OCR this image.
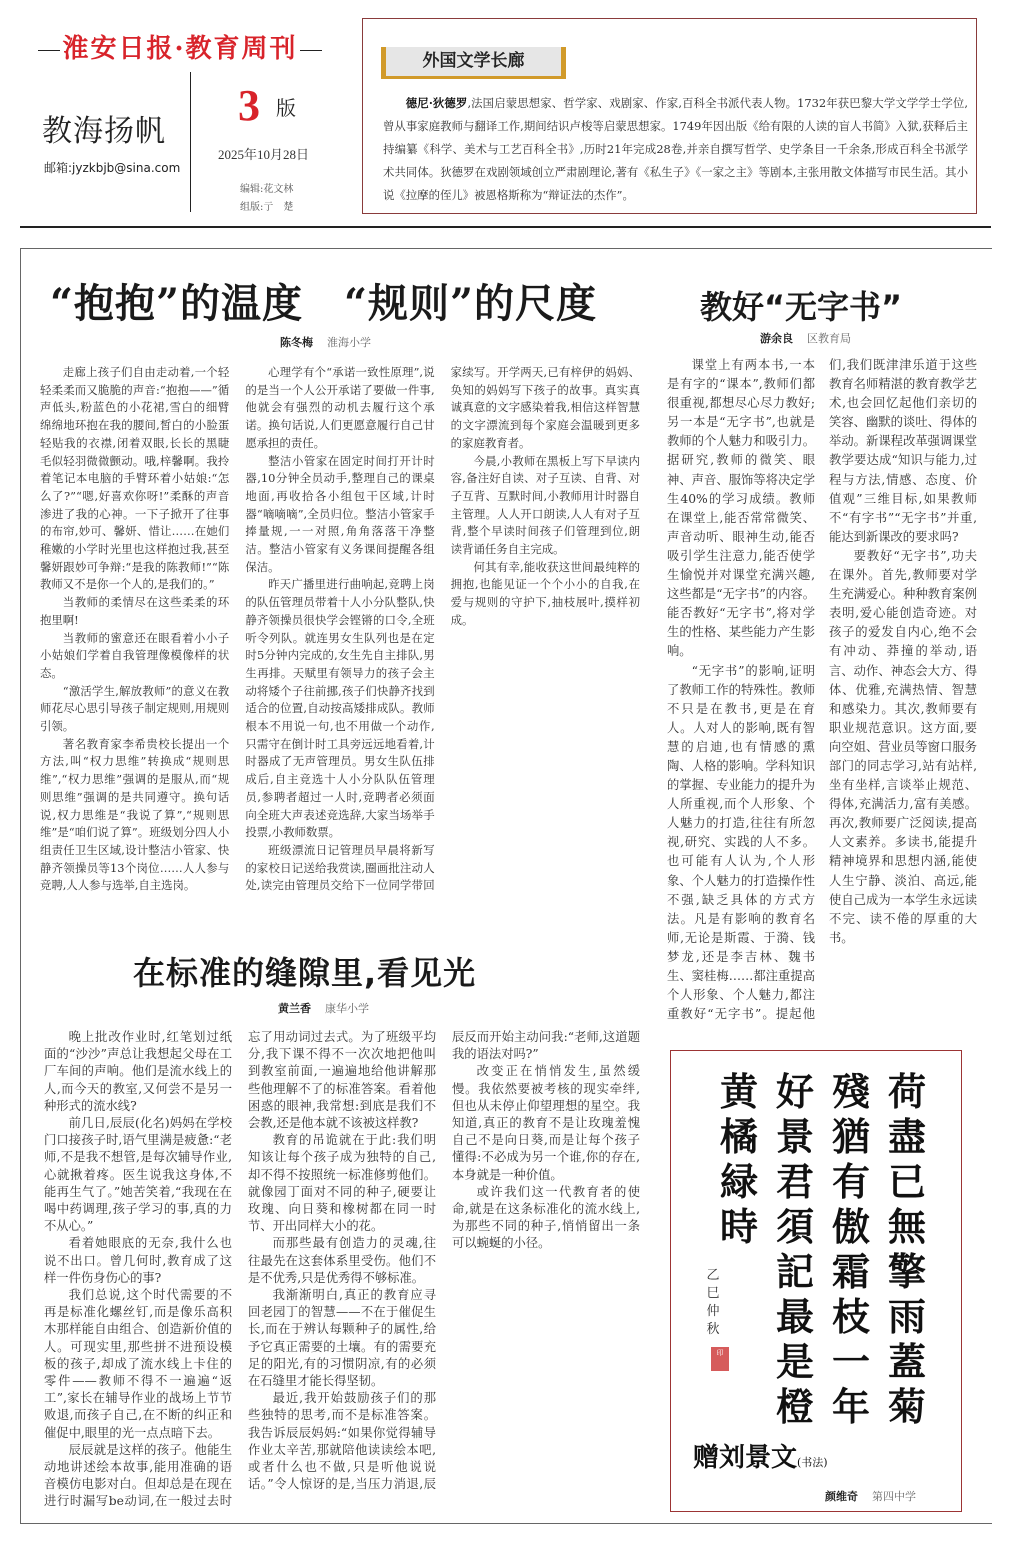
淮安日报·教育周刊
教海扬帆
邮箱:jyzkbjb@sina.com
3 版
2025年10月28日
编辑:花文林
组版:亍　楚
外国文学长廊
德尼·狄德罗,法国启蒙思想家、哲学家、戏剧家、作家,百科全书派代表人物。1732年获巴黎大学文学学士学位,曾从事家庭教师与翻译工作,期间结识卢梭等启蒙思想家。1749年因出版《给有限的人读的盲人书简》入狱,获释后主持编纂《科学、美术与工艺百科全书》,历时21年完成28卷,并亲自撰写哲学、史学条目一千余条,形成百科全书派学术共同体。狄德罗在戏剧领域创立严肃剧理论,著有《私生子》《一家之主》等剧本,主张用散文体描写市民生活。其小说《拉摩的侄儿》被恩格斯称为“辩证法的杰作”。
“抱抱”的温度　“规则”的尺度
陈冬梅 淮海小学

走廊上孩子们自由走动着,一个轻轻柔柔而又脆脆的声音:“抱抱——”循声低头,粉蓝色的小花裙,雪白的细臂绵绵地环抱在我的腰间,皙白的小脸蛋轻贴我的衣襟,闭着双眼,长长的黑睫毛似轻羽微微颤动。哦,梓馨啊。我拎着笔记本电脑的手臂环着小姑娘:“怎么了?”“嗯,好喜欢你呀!”柔酥的声音渗进了我的心神。一下子掀开了往事的布帘,妙可、馨妍、惜让……在她们稚嫩的小学时光里也这样抱过我,甚至馨妍跟妙可争辩:“是我的陈教师!”“陈教师又不是你一个人的,是我们的。”

当教师的柔情尽在这些柔柔的环抱里啊!

当教师的蜜意还在眼看着小小子小姑娘们学着自我管理像模像样的状态。

“激活学生,解放教师”的意义在教师花尽心思引导孩子制定规则,用规则引领。

著名教育家李希贵校长提出一个方法,叫“权力思维”转换成“规则思维”,“权力思维”强调的是服从,而“规则思维”强调的是共同遵守。换句话说,权力思维是“我说了算”,“规则思维”是“咱们说了算”。班级划分四人小组责任卫生区域,设计整洁小管家、快静齐领操员等13个岗位……人人参与竞聘,人人参与选举,自主选岗。

心理学有个“承诺一致性原理”,说的是当一个人公开承诺了要做一件事,他就会有强烈的动机去履行这个承诺。换句话说,人们更愿意履行自己甘愿承担的责任。

整洁小管家在固定时间打开计时器,10分钟全员动手,整理自己的课桌地面,再收拾各小组包干区域,计时器“嘀嘀嘀”,全员归位。整洁小管家手捧量规,一一对照,角角落落干净整洁。整洁小管家有义务课间提醒各组保洁。

昨天广播里进行曲响起,竞聘上岗的队伍管理员带着十人小分队整队,快静齐领操员很快学会铿锵的口令,全班听令列队。就连男女生队列也是在定时5分钟内完成的,女生先自主排队,男生再排。天赋里有领导力的孩子会主动将矮个子往前挪,孩子们快静齐找到适合的位置,自动按高矮排成队。教师根本不用说一句,也不用做一个动作,只需守在倒计时工具旁远远地看着,计时器成了无声管理员。男女生队伍排成后,自主竞选十人小分队队伍管理员,参聘者超过一人时,竞聘者必须面向全班大声表述竞选辞,大家当场举手投票,小教师数票。

班级漂流日记管理员早晨将新写的家校日记送给我赏读,圈画批注动人处,读完由管理员交给下一位同学带回家续写。开学两天,已有梓伊的妈妈、奂知的妈妈写下孩子的故事。真实真诚真意的文字感染着我,相信这样智慧的文字漂流到每个家庭会温暖到更多的家庭教育者。

今晨,小教师在黑板上写下早读内容,备注好自读、对子互读、自背、对子互背、互默时间,小教师用计时器自主管理。人人开口朗读,人人有对子互背,整个早读时间孩子们管理到位,朗读背诵任务自主完成。

何其有幸,能收获这世间最纯粹的拥抱,也能见证一个个小小的自我,在爱与规则的守护下,抽枝展叶,摸样初成。

教好“无字书”
游余良 区教育局

课堂上有两本书,一本是有字的“课本”,教师们都很重视,都想尽心尽力教好;另一本是“无字书”,也就是教师的个人魅力和吸引力。据研究,教师的微笑、眼神、声音、服饰等将决定学生40%的学习成绩。教师在课堂上,能否常常微笑、声音动听、眼神生动,能否吸引学生注意力,能否使学生愉悦并对课堂充满兴趣,这些都是“无字书”的内容。能否教好“无字书”,将对学生的性格、某些能力产生影响。

“无字书”的影响,证明了教师工作的特殊性。教师不只是在教书,更是在育人。人对人的影响,既有智慧的启迪,也有情感的熏陶、人格的影响。学科知识的掌握、专业能力的提升为人所重视,而个人形象、个人魅力的打造,往往有所忽视,研究、实践的人不多。也可能有人认为,个人形象、个人魅力的打造操作性不强,缺乏具体的方式方法。凡是有影响的教育名师,无论是斯霞、于漪、钱梦龙,还是李吉林、魏书生、窦桂梅……都注重提高个人形象、个人魅力,都注重教好“无字书”。提起他们,我们既津津乐道于这些教育名师精湛的教育教学艺术,也会回忆起他们亲切的笑容、幽默的谈吐、得体的举动。新课程改革强调课堂教学要达成“知识与能力,过程与方法,情感、态度、价值观”三维目标,如果教师不“有字书”“无字书”并重,能达到新课改的要求吗?

要教好“无字书”,功夫在课外。首先,教师要对学生充满爱心。种种教育案例表明,爱心能创造奇迹。对孩子的爱发自内心,绝不会有冲动、莽撞的举动,语言、动作、神态会大方、得体、优雅,充满热情、智慧和感染力。其次,教师要有职业规范意识。这方面,要向空姐、营业员等窗口服务部门的同志学习,站有站样,坐有坐样,言谈举止规范、得体,充满活力,富有美感。再次,教师要广泛阅读,提高人文素养。多读书,能提升精神境界和思想内涵,能使人生宁静、淡泊、高远,能使自己成为一本学生永远读不完、读不倦的厚重的大书。

在标准的缝隙里,看见光
黄兰香 康华小学

晚上批改作业时,红笔划过纸面的“沙沙”声总让我想起父母在工厂车间的声响。他们是流水线上的人,而今天的教室,又何尝不是另一种形式的流水线?

前几日,辰辰(化名)妈妈在学校门口接孩子时,语气里满是疲惫:“老师,不是我不想管,是每次辅导作业,心就揪着疼。医生说我这身体,不能再生气了。”她苦笑着,“我现在在喝中药调理,孩子学习的事,真的力不从心。”

看着她眼底的无奈,我什么也说不出口。曾几何时,教育成了这样一件伤身伤心的事?

我们总说,这个时代需要的不再是标准化螺丝钉,而是像乐高积木那样能自由组合、创造新价值的人。可现实里,那些拼不进预设模板的孩子,却成了流水线上卡住的零件——教师不得不一遍遍“返工”,家长在辅导作业的战场上节节败退,而孩子自己,在不断的纠正和催促中,眼里的光一点点暗下去。

辰辰就是这样的孩子。他能生动地讲述绘本故事,能用准确的语音模仿电影对白。但却总是在现在进行时漏写be动词,在一般过去时忘了用动词过去式。为了班级平均分,我下课不得不一次次地把他叫到教室前面,一遍遍地给他讲解那些他理解不了的标准答案。看着他困惑的眼神,我常想:到底是我们不会教,还是他本就不该被这样教?

教育的吊诡就在于此:我们明知该让每个孩子成为独特的自己,却不得不按照统一标准修剪他们。就像园丁面对不同的种子,硬要让玫瑰、向日葵和橡树都在同一时节、开出同样大小的花。

而那些最有创造力的灵魂,往往最先在这套体系里受伤。他们不是不优秀,只是优秀得不够标准。

我渐渐明白,真正的教育应寻回老园丁的智慧——不在于催促生长,而在于辨认每颗种子的属性,给予它真正需要的土壤。有的需要充足的阳光,有的习惯阴凉,有的必须在石缝里才能长得坚韧。

最近,我开始鼓励孩子们的那些独特的思考,而不是标准答案。我告诉辰辰妈妈:“如果你觉得辅导作业太辛苦,那就陪他读读绘本吧,或者什么也不做,只是听他说说话。”令人惊讶的是,当压力消退,辰辰反而开始主动问我:“老师,这道题我的语法对吗?”

改变正在悄悄发生,虽然缓慢。我依然要被考核的现实牵绊,但也从未停止仰望理想的星空。我知道,真正的教育不是让玫瑰羞愧自己不是向日葵,而是让每个孩子懂得:不必成为另一个谁,你的存在,本身就是一种价值。

或许我们这一代教育者的使命,就是在这条标准化的流水线上,为那些不同的种子,悄悄留出一条可以蜿蜒的小径。

荷
盡
已
無
擎
雨
蓋
菊
殘
猶
有
傲
霜
枝
一
年
好
景
君
須
記
最
是
橙
黄
橘
緑
時
乙
巳
仲
秋
印
赠刘景文(书法)
颜维奇 第四中学
